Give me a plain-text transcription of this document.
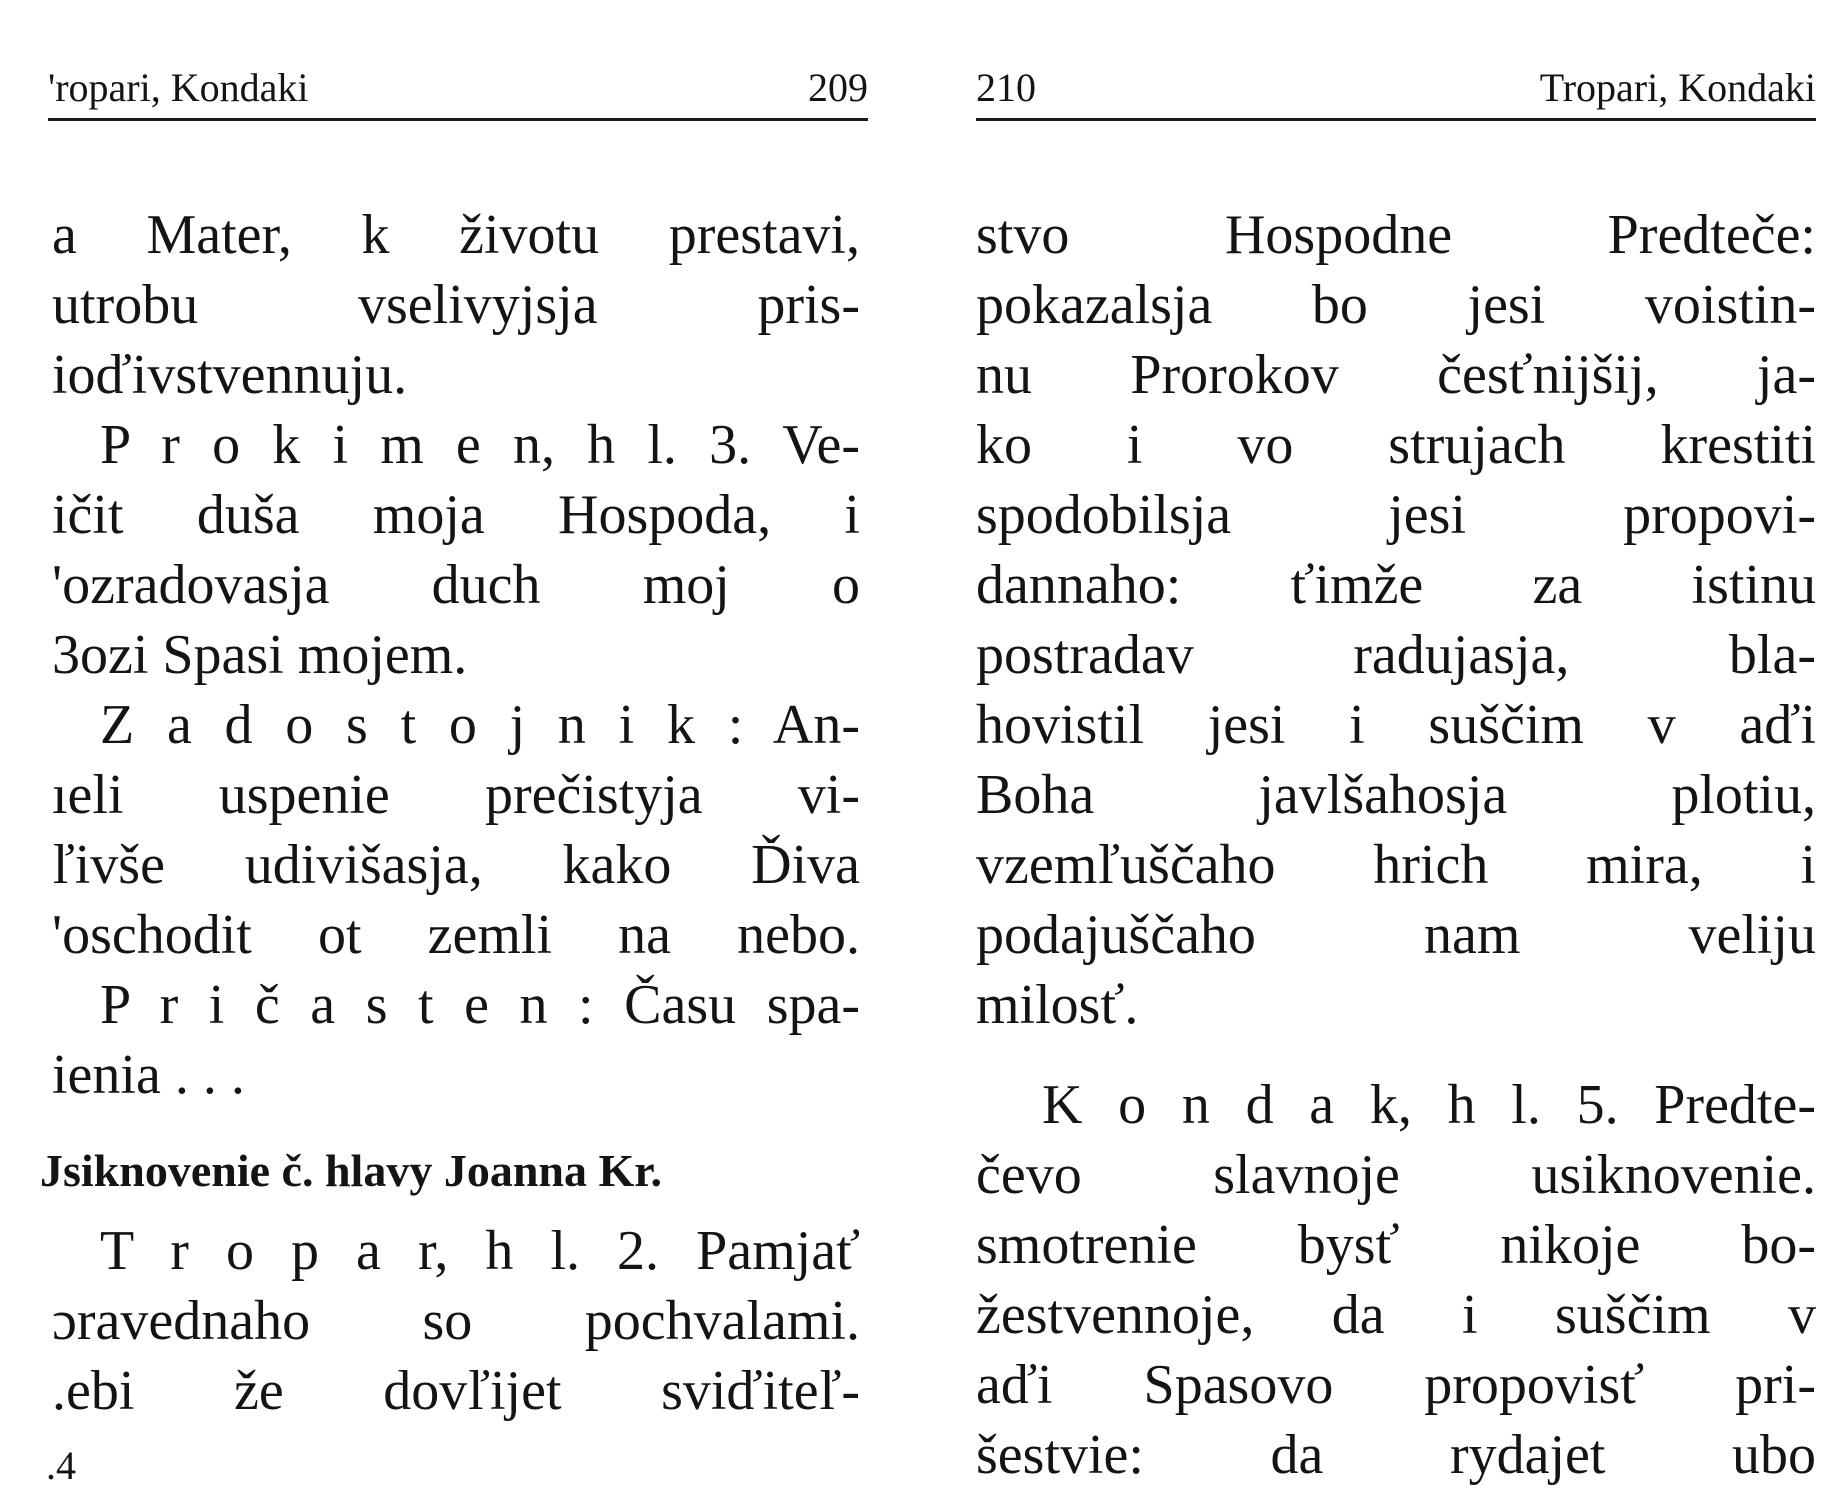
'ropari, Kondaki	209
a Mater, k životu prestavi,
utrobu vselivyjsja pris-
ioďivstvennuju.
P r o k i m e n, h l. 3. Ve-
ičit duša moja Hospoda, i
'ozradovasja duch moj o
3ozi Spasi mojem.
Z a d o s t o j n i k : An-
ıeli uspenie prečistyja vi-
ľivše udivišasja, kako Ďiva
'oschodit ot zemli na nebo.
P r i č a s t e n : Času spa-
ienia . . .
Jsiknovenie č. hlavy Joanna Kr.
T r o p a r, h l. 2. Pamjať
ɔravednaho so pochvalami.
.ebi že dovľijet sviďiteľ-
.4
210	Tropari, Kondaki
stvo Hospodne Predteče:
pokazalsja bo jesi voistin-
nu Prorokov česťnijšij, ja-
ko i vo strujach krestiti
spodobilsja jesi propovi-
dannaho: ťimže za istinu
postradav radujasja, bla-
hovistil jesi i suščim v aďi
Boha javlšahosja plotiu,
vzemľuščaho hrich mira, i
podajuščaho nam veliju
milosť.
K o n d a k, h l. 5. Predte-
čevo slavnoje usiknovenie.
smotrenie bysť nikoje bo-
žestvennoje, da i suščim v
aďi Spasovo propovisť pri-
šestvie: da rydajet ubo
